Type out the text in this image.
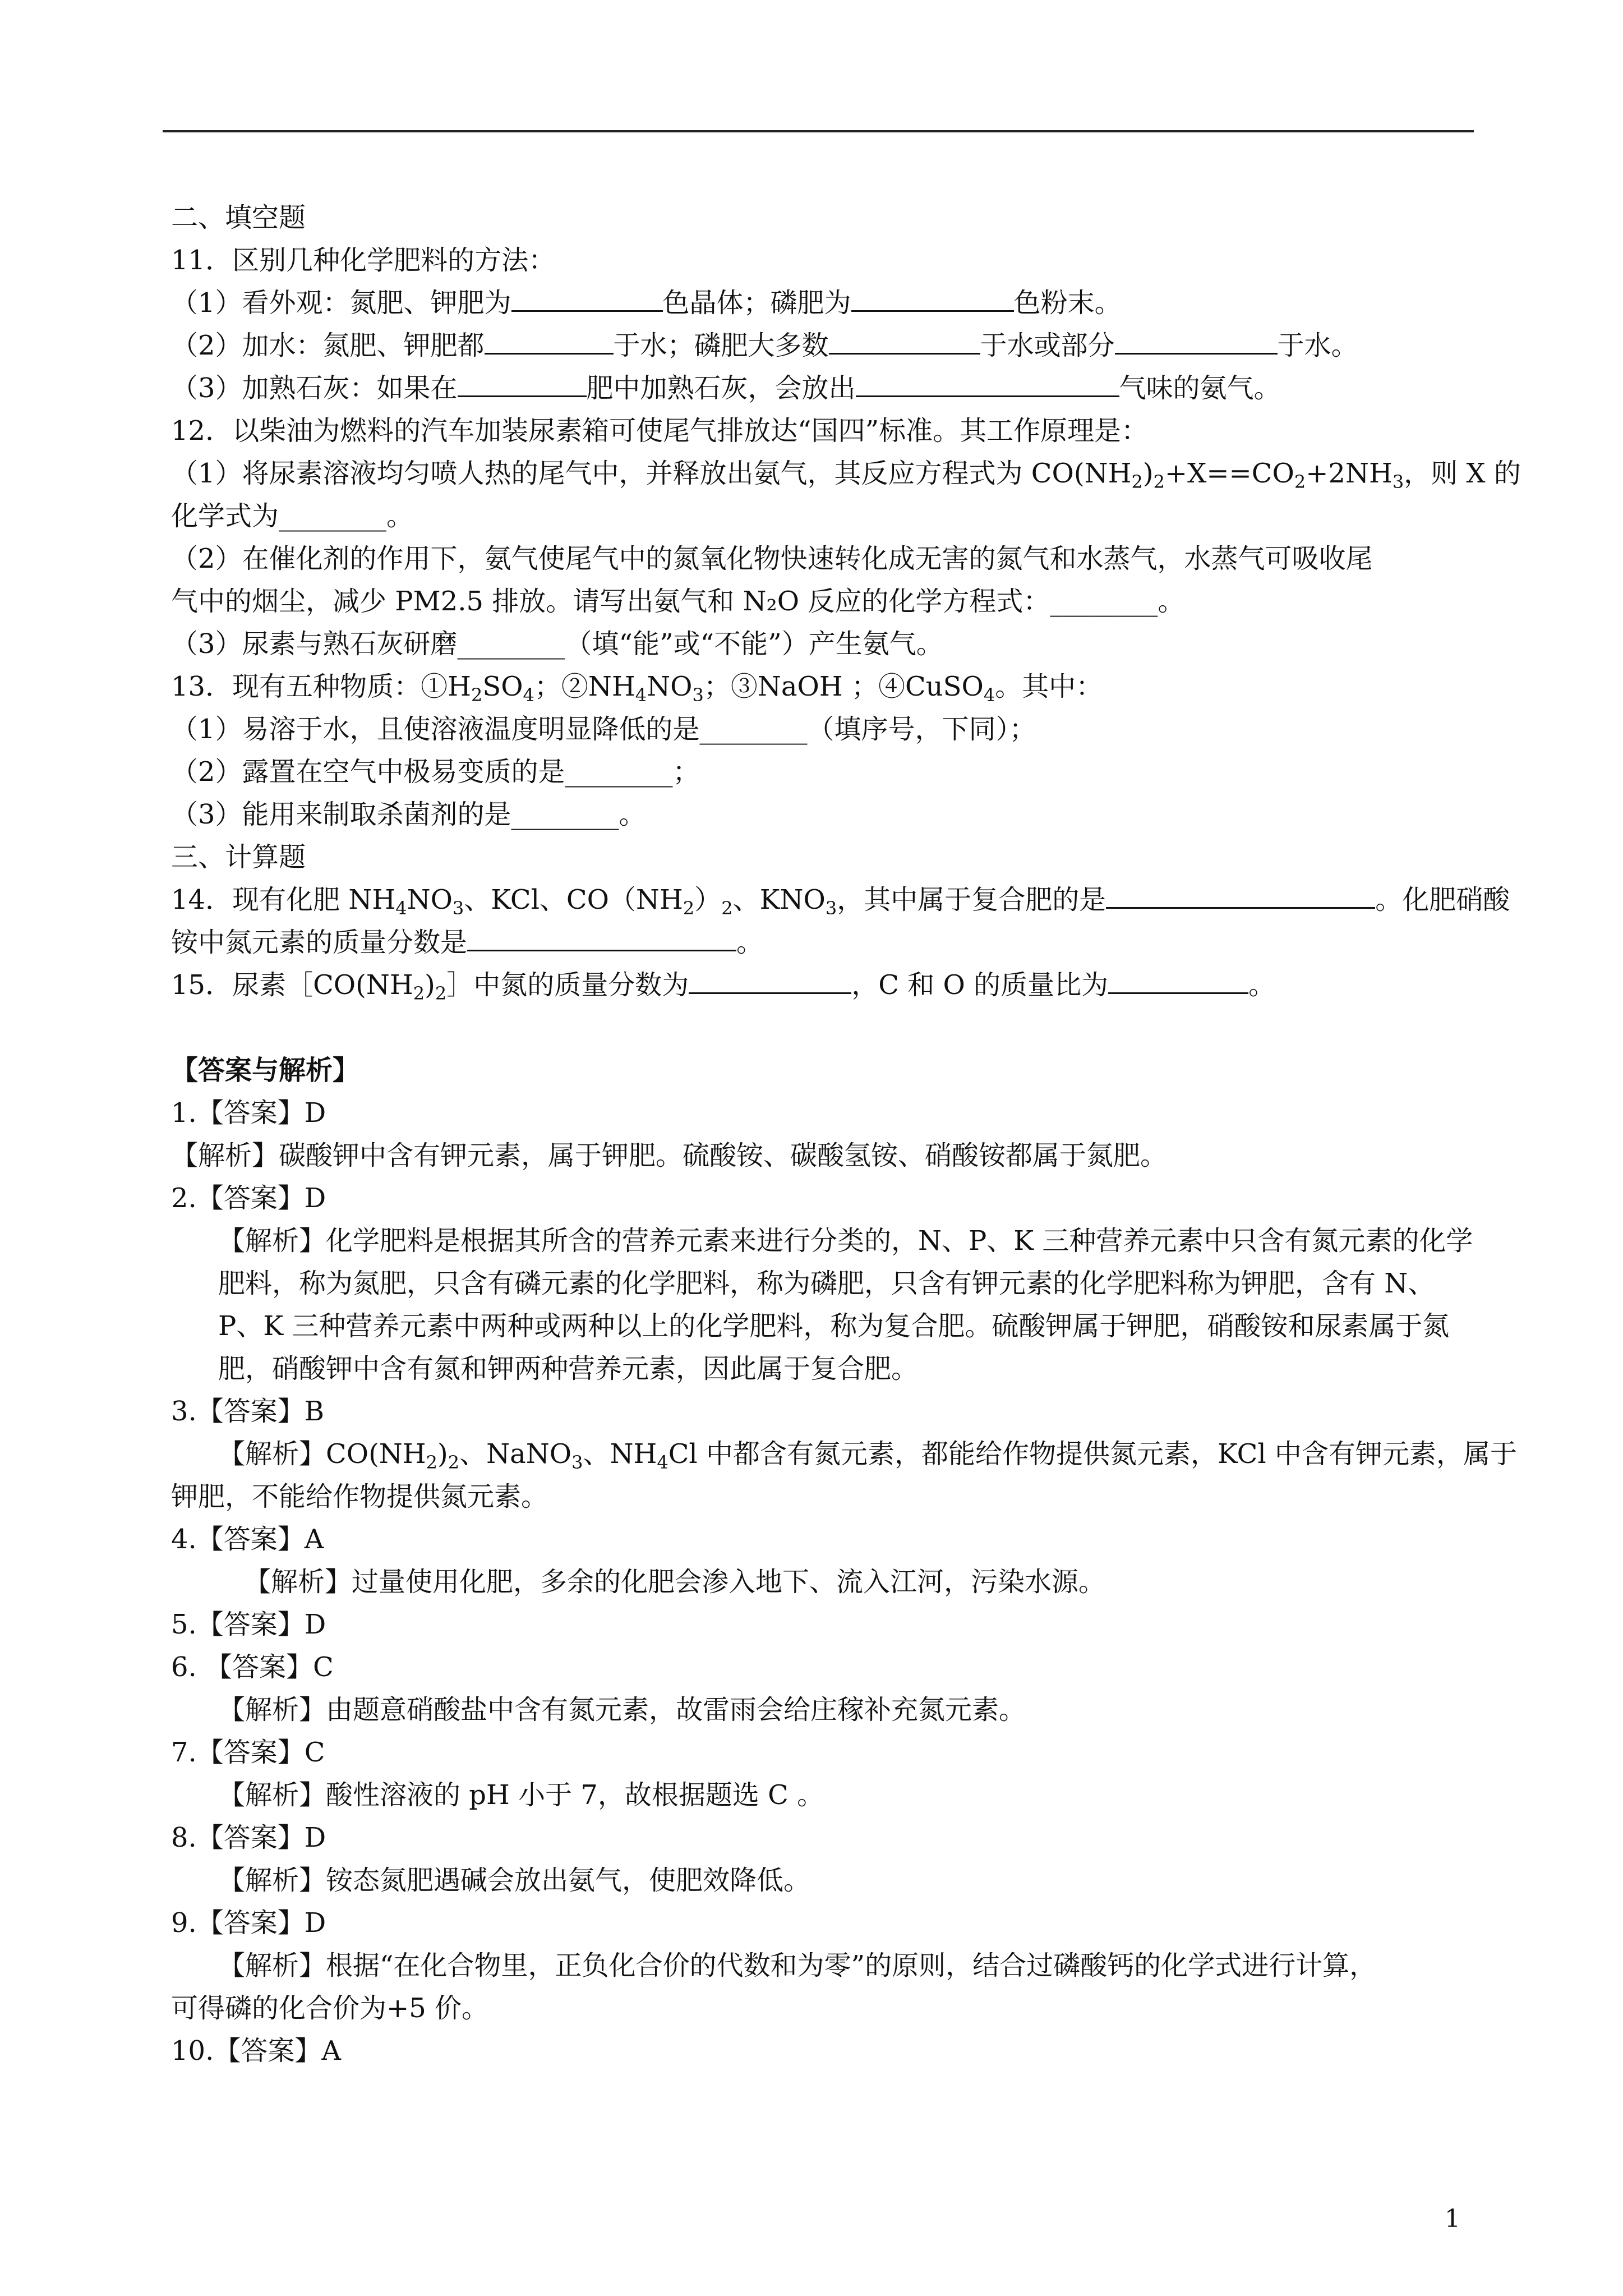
二、填空题
11．区别几种化学肥料的方法：
（1）看外观：氮肥、钾肥为	色晶体；磷肥为	色粉末。
（2）加水：氮肥、钾肥都	于水；磷肥大多数	于水或部分	于水。
（3）加熟石灰：如果在	肥中加熟石灰，会放出	气味的氨气。
12．以柴油为燃料的汽车加装尿素箱可使尾气排放达“国四”标准。其工作原理是：
（1）将尿素溶液均匀喷人热的尾气中，并释放出氨气，其反应方程式为 $CO(NH_2)_2+X==CO_2+2NH_3$，则 X 的
化学式为________。
（2）在催化剂的作用下，氨气使尾气中的氮氧化物快速转化成无害的氮气和水蒸气，水蒸气可吸收尾
气中的烟尘，减少 PM2.5 排放。请写出氨气和 N₂O 反应的化学方程式：________。
（3）尿素与熟石灰研磨________（填“能”或“不能”）产生氨气。
13．现有五种物质：$①H_2SO_4$；$②NH_4NO_3$；③NaOH ；④CuSO$_4$。其中：
（1）易溶于水，且使溶液温度明显降低的是________（填序号，下同）；
（2）露置在空气中极易变质的是________；
（3）能用来制取杀菌剂的是________。
三、计算题
14．现有化肥 $NH_4NO_3$、KCl、$CO(NH_2)_2$、$KNO_3$，其中属于复合肥的是	。化肥硝酸
铵中氮元素的质量分数是	。
15．尿素$[CO(NH_2)_2]$中氮的质量分数为	，C 和 O 的质量比为	。
【答案与解析】
1.【答案】D
【解析】碳酸钾中含有钾元素，属于钾肥。硫酸铵、碳酸氢铵、硝酸铵都属于氮肥。
2.【答案】D
【解析】化学肥料是根据其所含的营养元素来进行分类的，N、P、K 三种营养元素中只含有氮元素的化学肥料，称为氮肥，只含有磷元素的化学肥料，称为磷肥，只含有钾元素的化学肥料称为钾肥，含有 N、P、K 三种营养元素中两种或两种以上的化学肥料，称为复合肥。硫酸钾属于钾肥，硝酸铵和尿素属于氮肥，硝酸钾中含有氮和钾两种营养元素，因此属于复合肥。
3.【答案】B
【解析】$CO(NH_2)_2$、NaNO$_3$、$NH_4Cl$ 中都含有氮元素，都能给作物提供氮元素，KCl 中含有钾元素，属于
钾肥，不能给作物提供氮元素。
4.【答案】A
【解析】过量使用化肥，多余的化肥会渗入地下、流入江河，污染水源。
5.【答案】D
6. 【答案】C
【解析】由题意硝酸盐中含有氮元素，故雷雨会给庄稼补充氮元素。
7.【答案】C
【解析】酸性溶液的 pH 小于 7，故根据题选 C 。
8.【答案】D
【解析】铵态氮肥遇碱会放出氨气，使肥效降低。
9.【答案】D
【解析】根据“在化合物里，正负化合价的代数和为零”的原则，结合过磷酸钙的化学式进行计算，
可得磷的化合价为+5 价。
10.【答案】A
1
